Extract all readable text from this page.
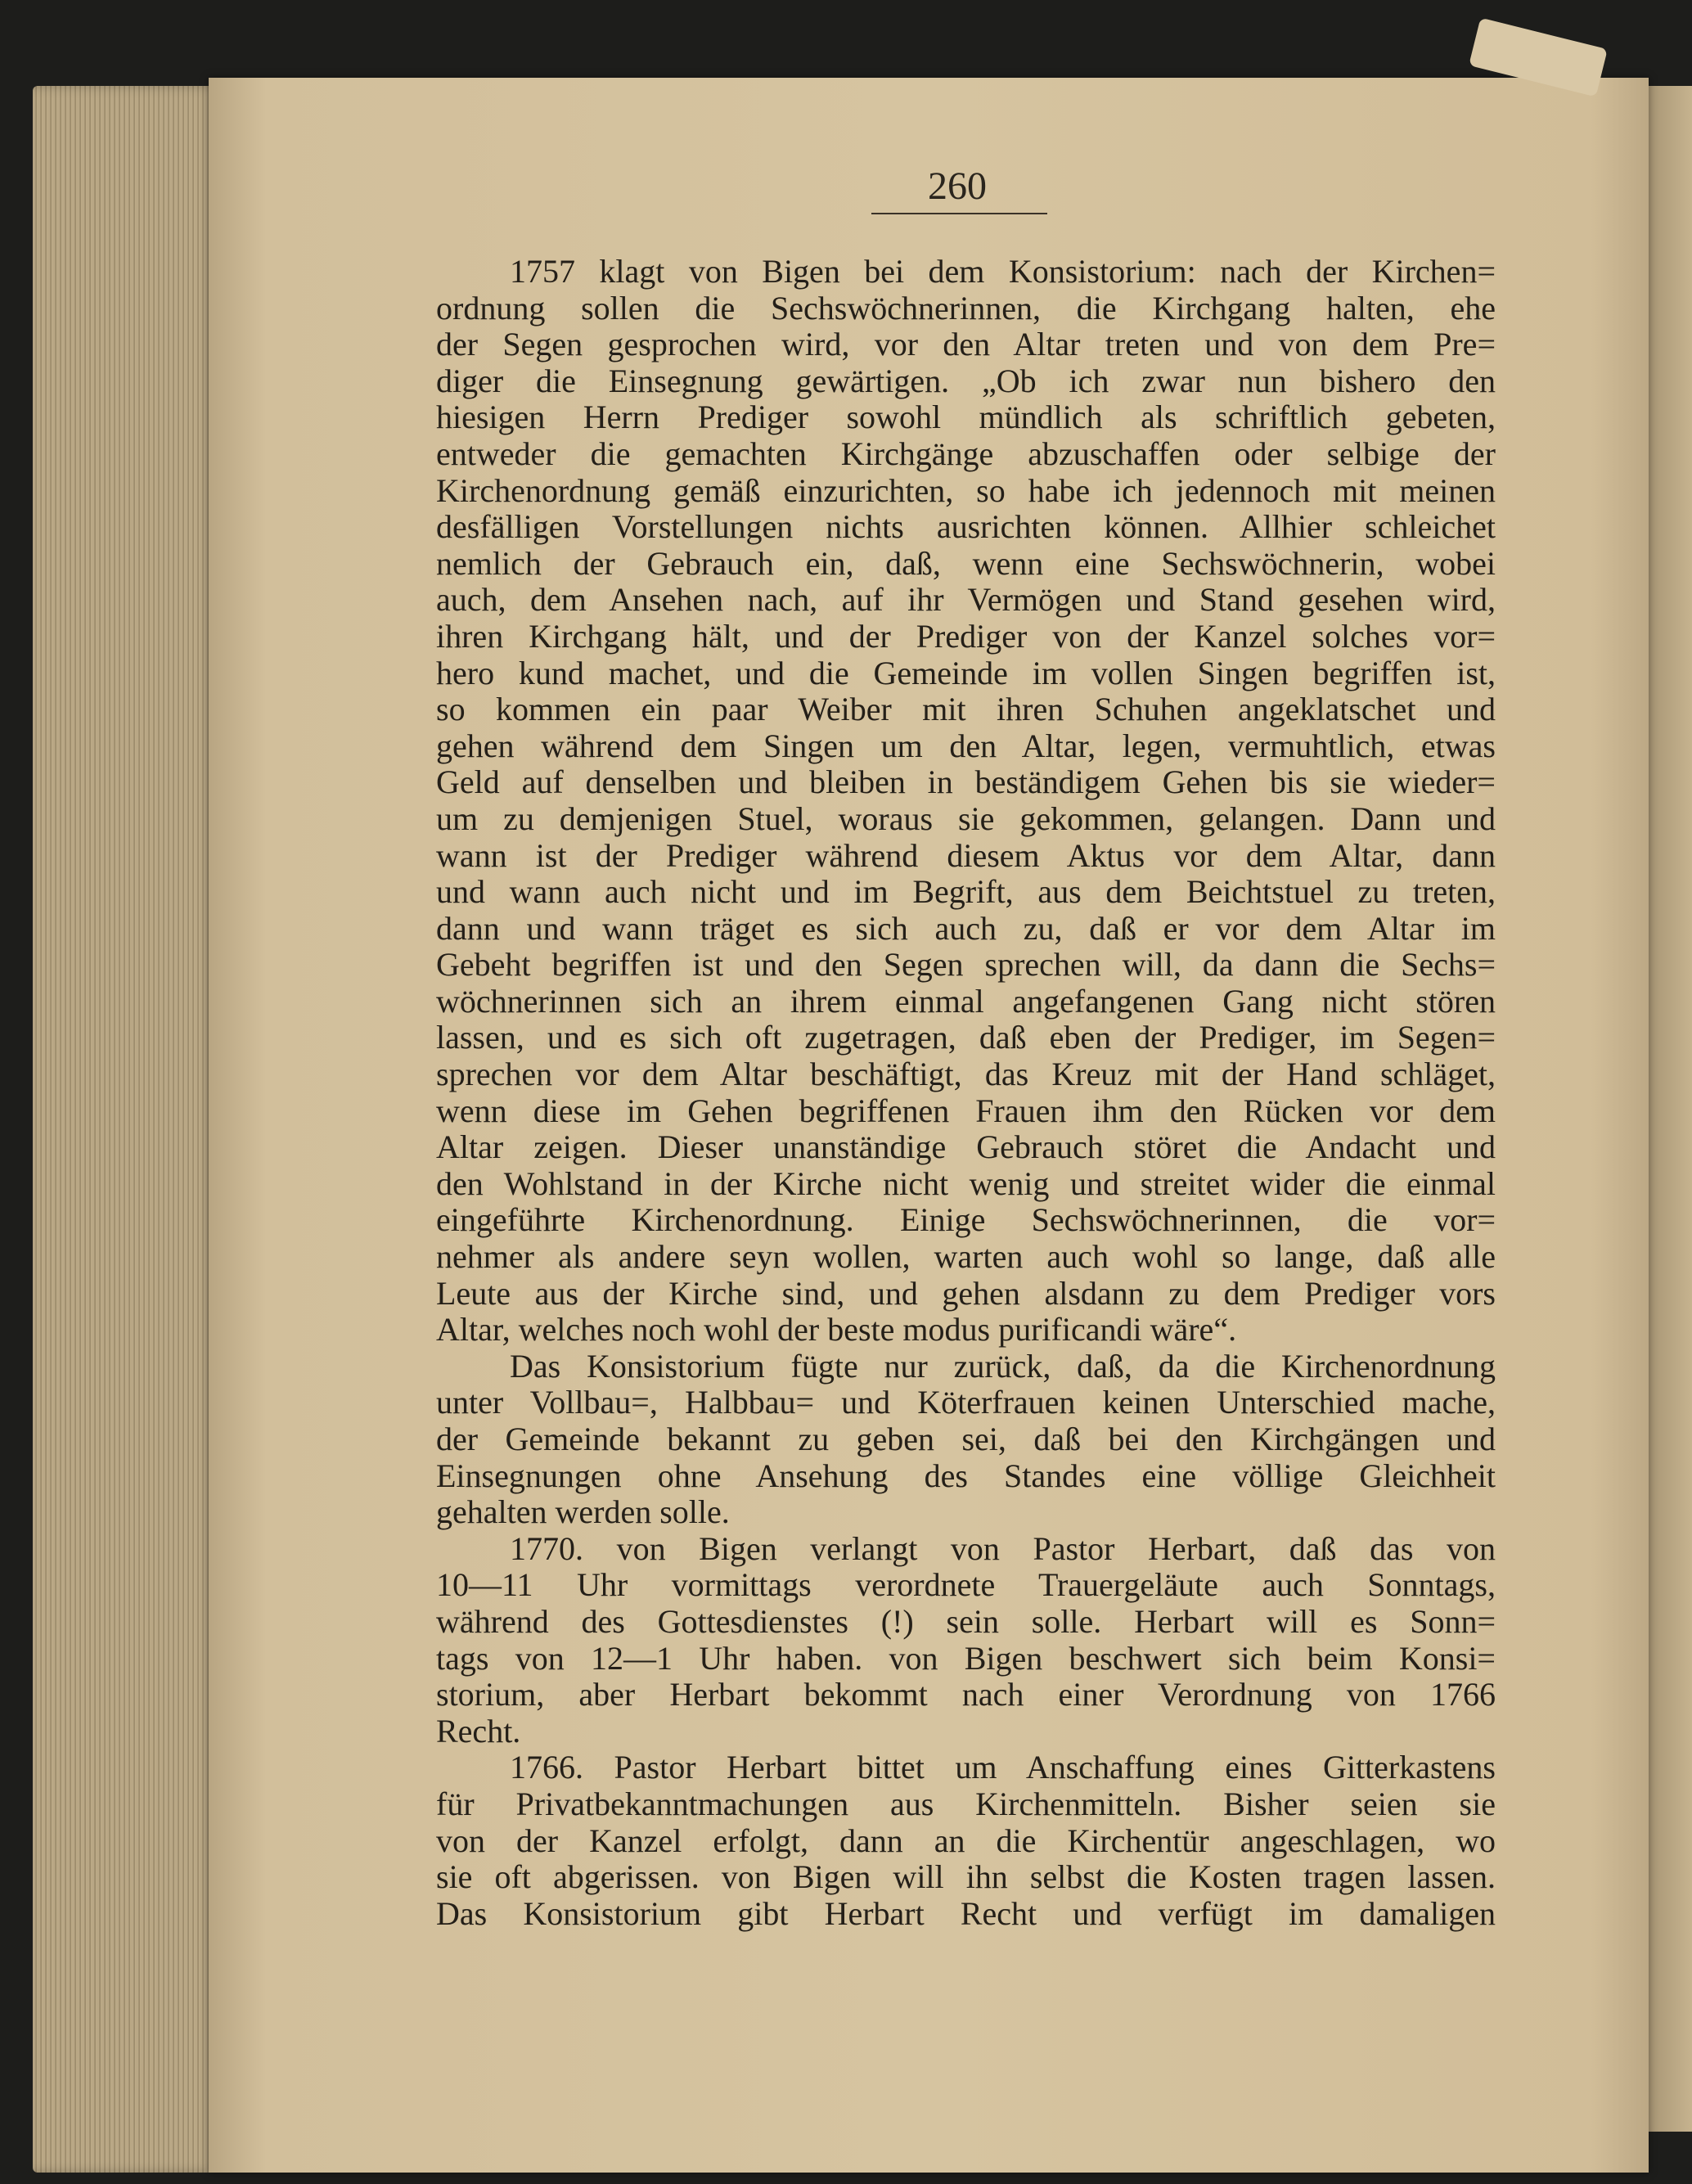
260
1757 klagt von Bigen bei dem Konsistorium: nach der Kirchen=
ordnung sollen die Sechswöchnerinnen, die Kirchgang halten, ehe
der Segen gesprochen wird, vor den Altar treten und von dem Pre=
diger die Einsegnung gewärtigen. „Ob ich zwar nun bishero den
hiesigen Herrn Prediger sowohl mündlich als schriftlich gebeten,
entweder die gemachten Kirchgänge abzuschaffen oder selbige der
Kirchenordnung gemäß einzurichten, so habe ich jedennoch mit meinen
desfälligen Vorstellungen nichts ausrichten können. Allhier schleichet
nemlich der Gebrauch ein, daß, wenn eine Sechswöchnerin, wobei
auch, dem Ansehen nach, auf ihr Vermögen und Stand gesehen wird,
ihren Kirchgang hält, und der Prediger von der Kanzel solches vor=
hero kund machet, und die Gemeinde im vollen Singen begriffen ist,
so kommen ein paar Weiber mit ihren Schuhen angeklatschet und
gehen während dem Singen um den Altar, legen, vermuhtlich, etwas
Geld auf denselben und bleiben in beständigem Gehen bis sie wieder=
um zu demjenigen Stuel, woraus sie gekommen, gelangen. Dann und
wann ist der Prediger während diesem Aktus vor dem Altar, dann
und wann auch nicht und im Begrift, aus dem Beichtstuel zu treten,
dann und wann träget es sich auch zu, daß er vor dem Altar im
Gebeht begriffen ist und den Segen sprechen will, da dann die Sechs=
wöchnerinnen sich an ihrem einmal angefangenen Gang nicht stören
lassen, und es sich oft zugetragen, daß eben der Prediger, im Segen=
sprechen vor dem Altar beschäftigt, das Kreuz mit der Hand schläget,
wenn diese im Gehen begriffenen Frauen ihm den Rücken vor dem
Altar zeigen. Dieser unanständige Gebrauch störet die Andacht und
den Wohlstand in der Kirche nicht wenig und streitet wider die einmal
eingeführte Kirchenordnung. Einige Sechswöchnerinnen, die vor=
nehmer als andere seyn wollen, warten auch wohl so lange, daß alle
Leute aus der Kirche sind, und gehen alsdann zu dem Prediger vors
Altar, welches noch wohl der beste modus purificandi wäre“.
Das Konsistorium fügte nur zurück, daß, da die Kirchenordnung
unter Vollbau=, Halbbau= und Köterfrauen keinen Unterschied mache,
der Gemeinde bekannt zu geben sei, daß bei den Kirchgängen und
Einsegnungen ohne Ansehung des Standes eine völlige Gleichheit
gehalten werden solle.
1770. von Bigen verlangt von Pastor Herbart, daß das von
10—11 Uhr vormittags verordnete Trauergeläute auch Sonntags,
während des Gottesdienstes (!) sein solle. Herbart will es Sonn=
tags von 12—1 Uhr haben. von Bigen beschwert sich beim Konsi=
storium, aber Herbart bekommt nach einer Verordnung von 1766
Recht.
1766. Pastor Herbart bittet um Anschaffung eines Gitterkastens
für Privatbekanntmachungen aus Kirchenmitteln. Bisher seien sie
von der Kanzel erfolgt, dann an die Kirchentür angeschlagen, wo
sie oft abgerissen. von Bigen will ihn selbst die Kosten tragen lassen.
Das Konsistorium gibt Herbart Recht und verfügt im damaligen
